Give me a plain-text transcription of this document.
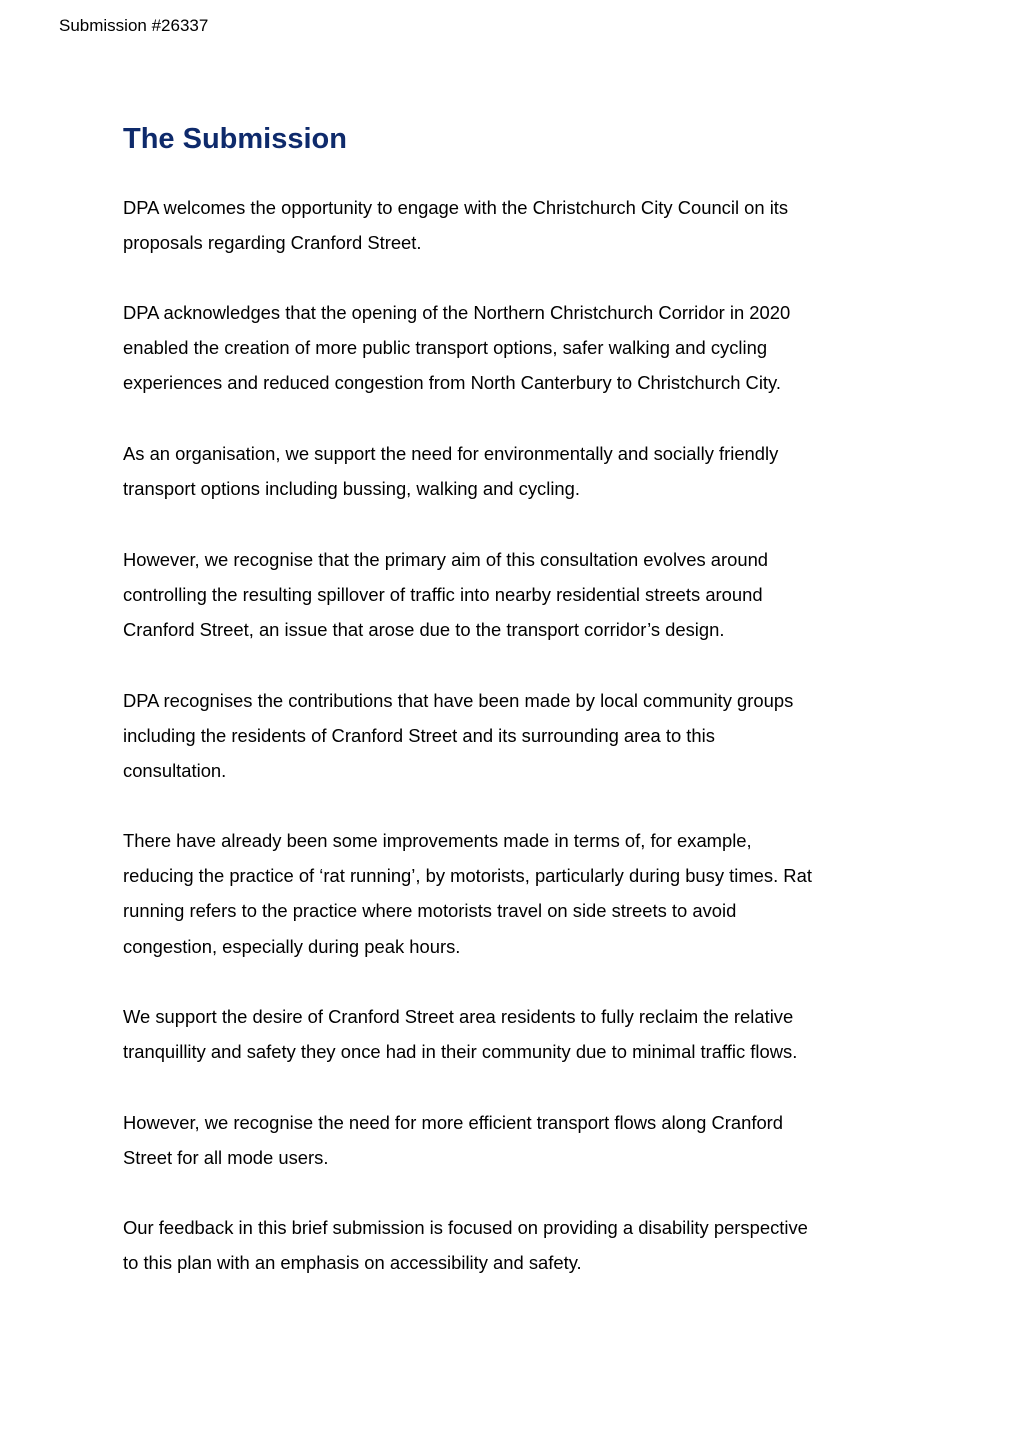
Submission #26337
The Submission

DPA welcomes the opportunity to engage with the Christchurch City Council on its
proposals regarding Cranford Street.

DPA acknowledges that the opening of the Northern Christchurch Corridor in 2020
enabled the creation of more public transport options, safer walking and cycling
experiences and reduced congestion from North Canterbury to Christchurch City.

As an organisation, we support the need for environmentally and socially friendly
transport options including bussing, walking and cycling.

However, we recognise that the primary aim of this consultation evolves around
controlling the resulting spillover of traffic into nearby residential streets around
Cranford Street, an issue that arose due to the transport corridor’s design.

DPA recognises the contributions that have been made by local community groups
including the residents of Cranford Street and its surrounding area to this
consultation.

There have already been some improvements made in terms of, for example,
reducing the practice of ‘rat running’, by motorists, particularly during busy times. Rat
running refers to the practice where motorists travel on side streets to avoid
congestion, especially during peak hours.

We support the desire of Cranford Street area residents to fully reclaim the relative
tranquillity and safety they once had in their community due to minimal traffic flows.

However, we recognise the need for more efficient transport flows along Cranford
Street for all mode users.

Our feedback in this brief submission is focused on providing a disability perspective
to this plan with an emphasis on accessibility and safety.
